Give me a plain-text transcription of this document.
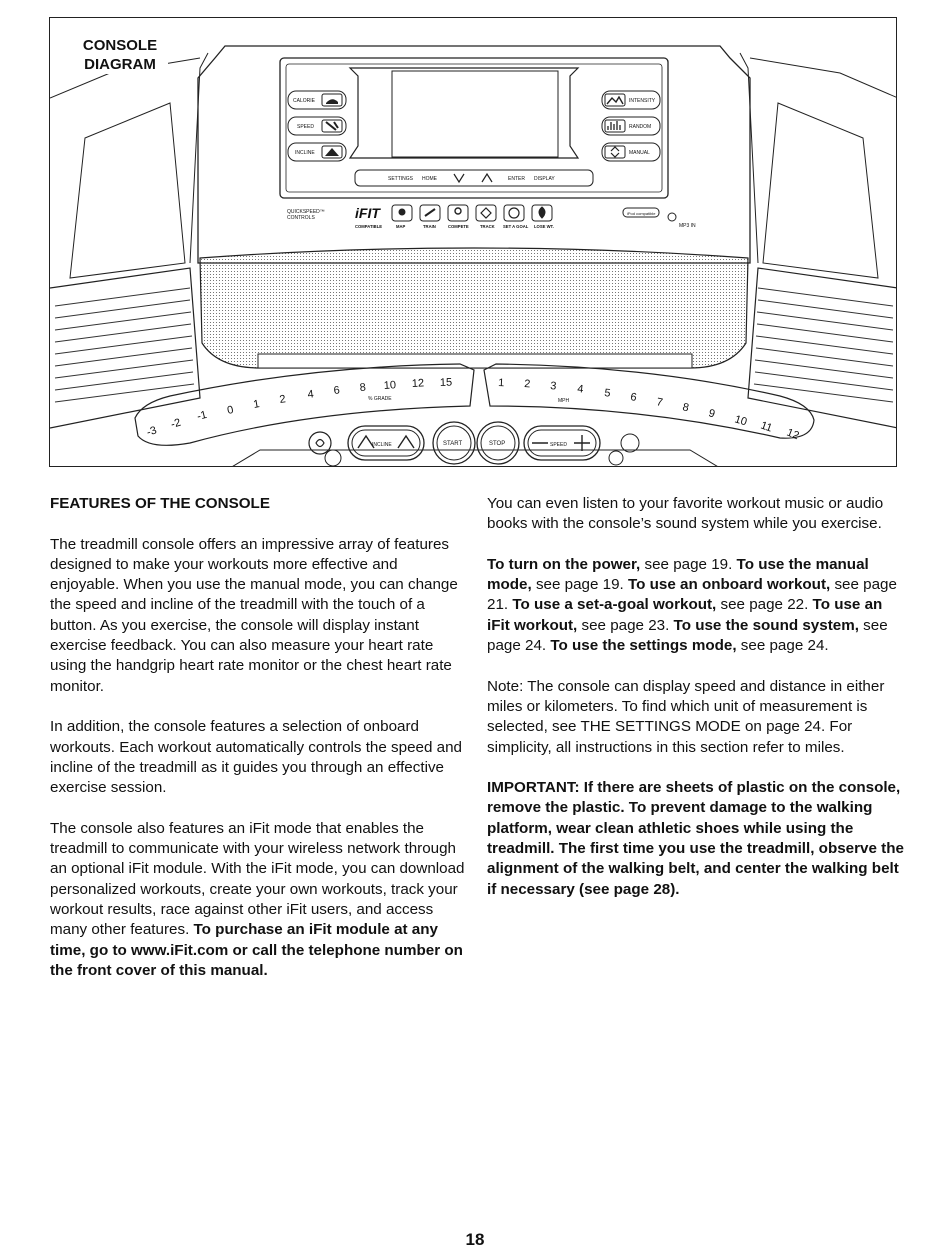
CONSOLE
DIAGRAM
CALORIE
SPEED
INCLINE
INTENSITY
RANDOM
MANUAL
SETTINGS HOME	ENTER DISPLAY
QUICKSPEED™
CONTROLS	iFIT
COMPATIBLE	MAP	TRAIN	COMPETE	TRACK SET A GOAL LOSE WT.
iPod compatible
MP3 IN
-3
-2
-1 0 1 2 4 6 8 10 12 15
% GRADE
1 2 3 4 5 6 7 8 9 10 11 12
MPH
INCLINE	START	STOP	SPEED
FEATURES OF THE CONSOLE

The treadmill console offers an impressive array of features designed to make your workouts more effective and enjoyable. When you use the manual mode, you can change the speed and incline of the treadmill with the touch of a button. As you exercise, the console will display instant exercise feedback. You can also measure your heart rate using the handgrip heart rate monitor or the chest heart rate monitor.

In addition, the console features a selection of onboard workouts. Each workout automatically controls the speed and incline of the treadmill as it guides you through an effective exercise session.

The console also features an iFit mode that enables the treadmill to communicate with your wireless network through an optional iFit module. With the iFit mode, you can download personalized workouts, create your own workouts, track your workout results, race against other iFit users, and access many other features. To purchase an iFit module at any time, go to www.iFit.com or call the telephone number on the front cover of this manual.

You can even listen to your favorite workout music or audio books with the console’s sound system while you exercise.

To turn on the power, see page 19. To use the manual mode, see page 19. To use an onboard workout, see page 21. To use a set-a-goal workout, see page 22. To use an iFit workout, see page 23. To use the sound system, see page 24. To use the settings mode, see page 24.

Note: The console can display speed and distance in either miles or kilometers. To find which unit of measurement is selected, see THE SETTINGS MODE on page 24. For simplicity, all instructions in this section refer to miles.

IMPORTANT: If there are sheets of plastic on the console, remove the plastic. To prevent damage to the walking platform, wear clean athletic shoes while using the treadmill. The first time you use the treadmill, observe the alignment of the walking belt, and center the walking belt if necessary (see page 28).

18
